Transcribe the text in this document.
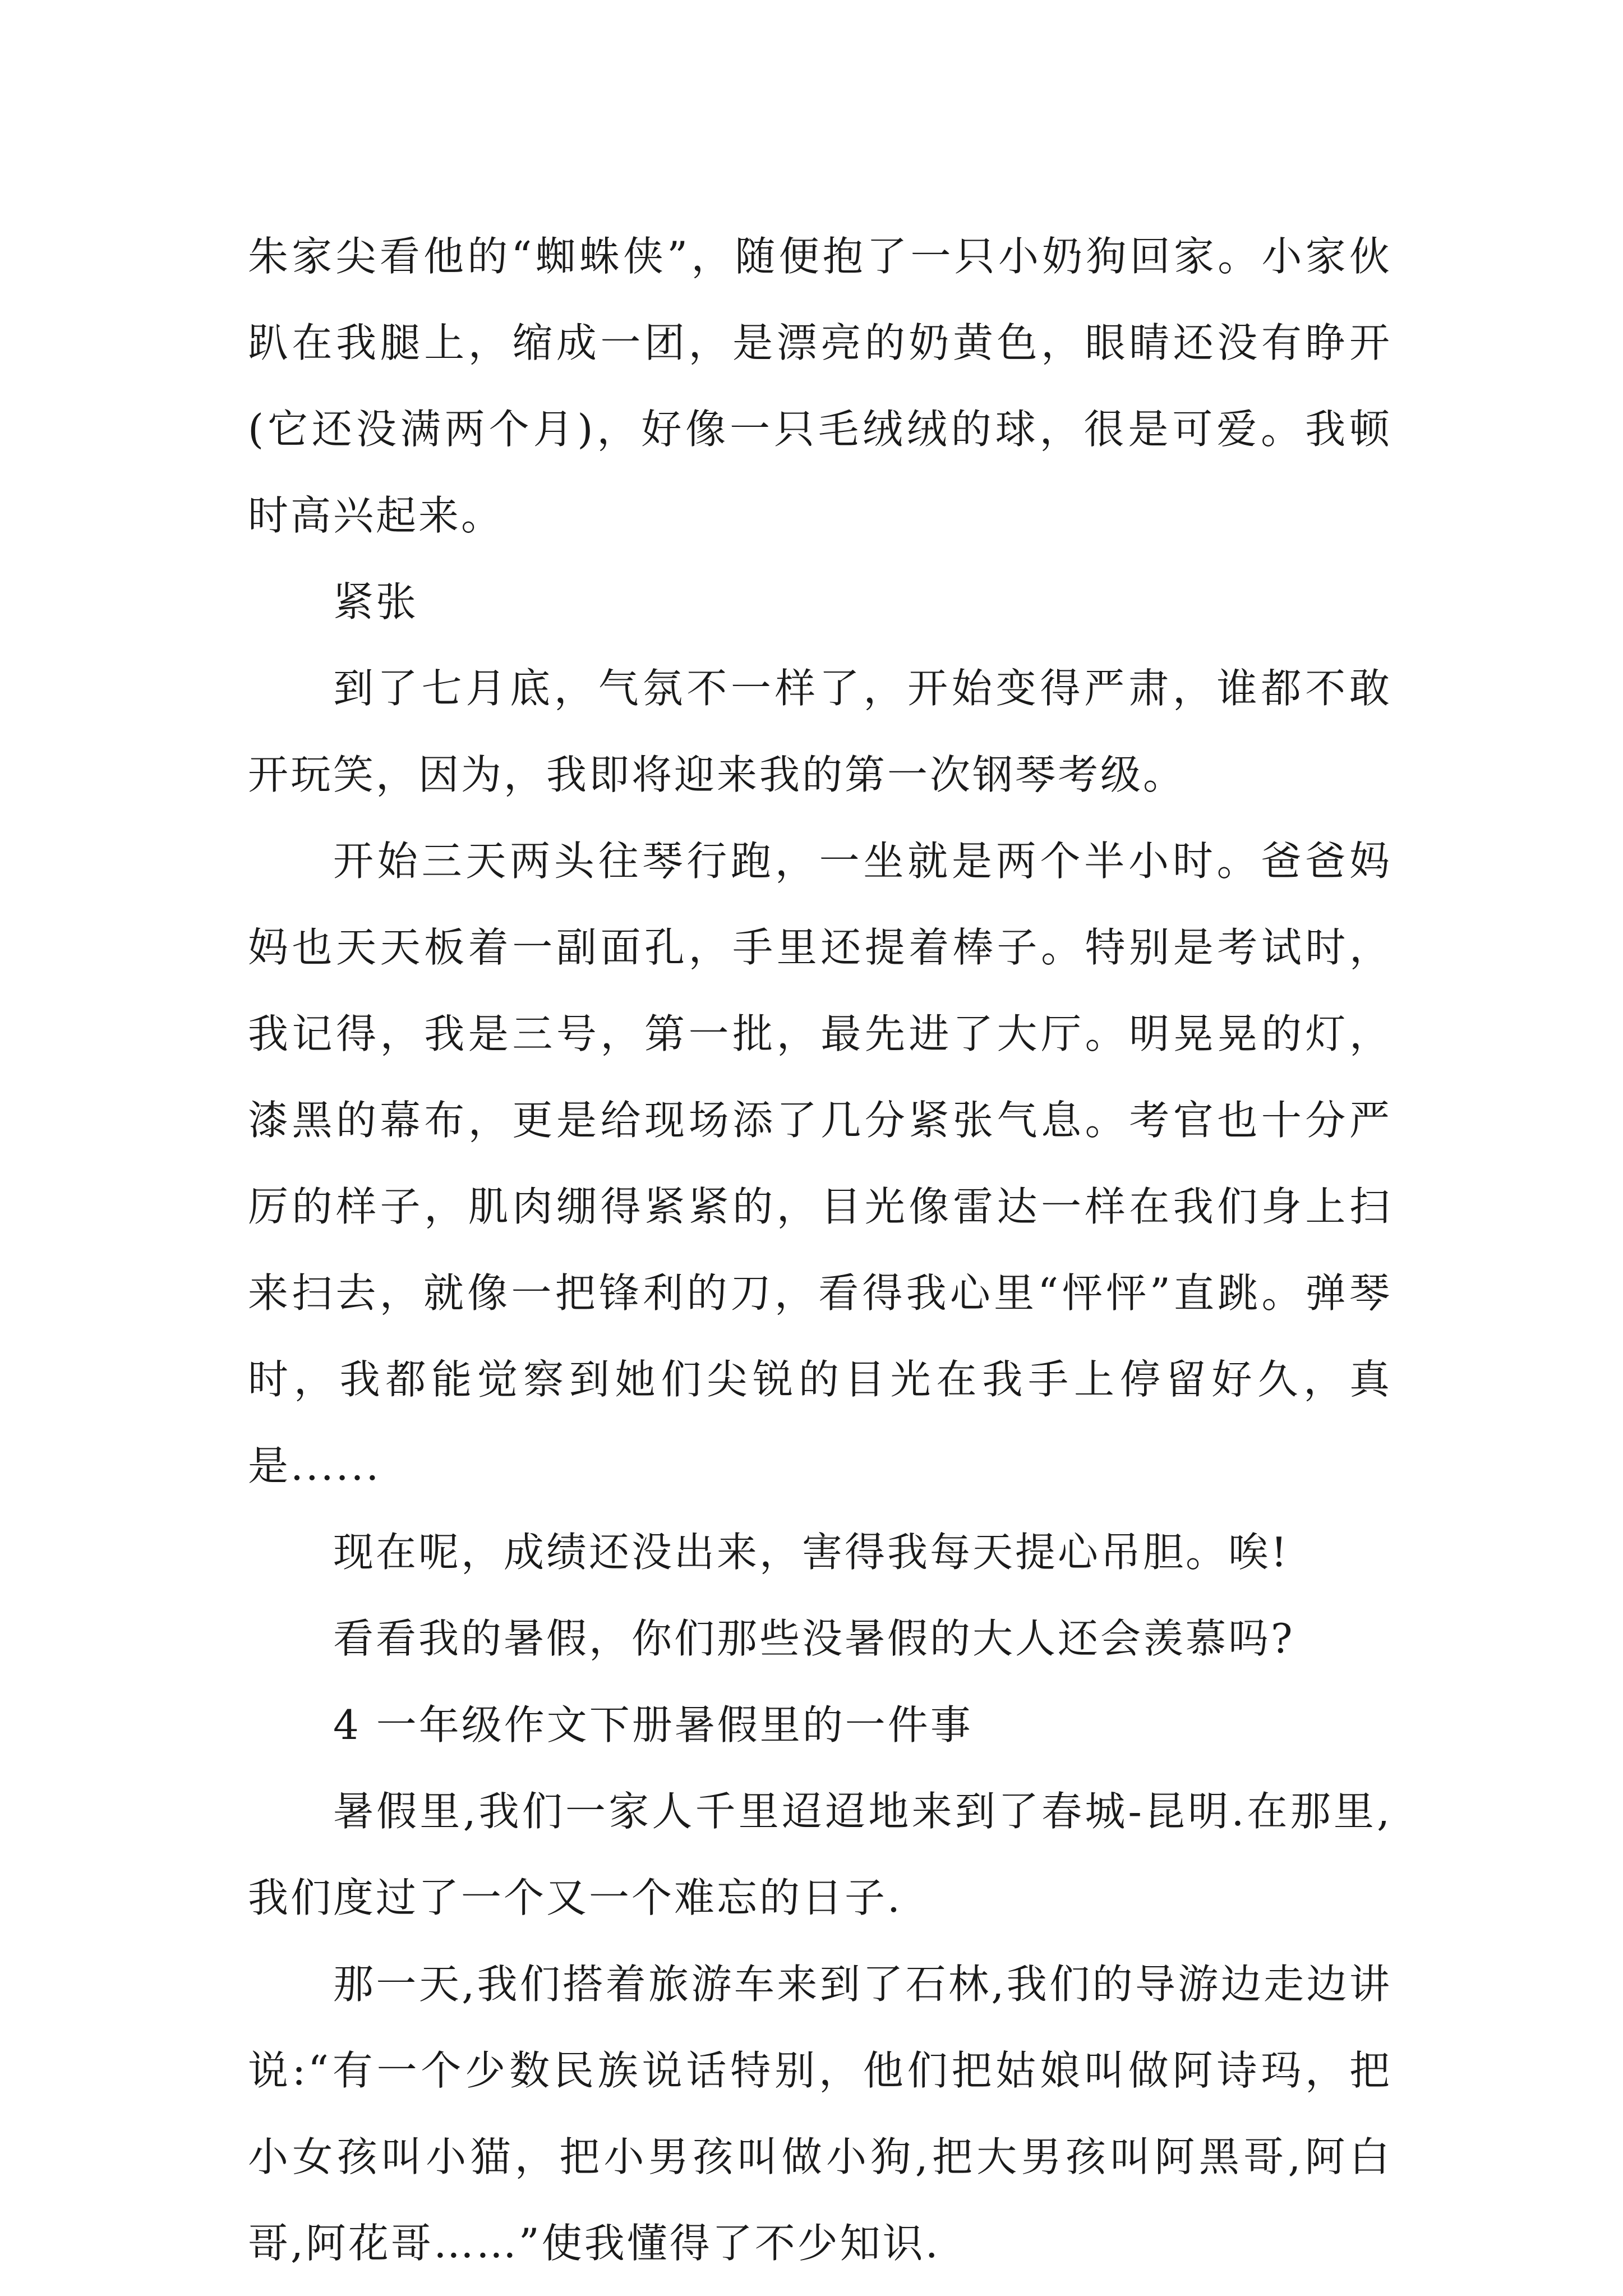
朱家尖看他的“蜘蛛侠”，随便抱了一只小奶狗回家。小家伙趴在我腿上，缩成一团，是漂亮的奶黄色，眼睛还没有睁开(它还没满两个月)，好像一只毛绒绒的球，很是可爱。我顿时高兴起来。

紧张

到了七月底，气氛不一样了，开始变得严肃，谁都不敢开玩笑，因为，我即将迎来我的第一次钢琴考级。

开始三天两头往琴行跑，一坐就是两个半小时。爸爸妈妈也天天板着一副面孔，手里还提着棒子。特别是考试时，我记得，我是三号，第一批，最先进了大厅。明晃晃的灯，漆黑的幕布，更是给现场添了几分紧张气息。考官也十分严厉的样子，肌肉绷得紧紧的，目光像雷达一样在我们身上扫来扫去，就像一把锋利的刀，看得我心里“怦怦”直跳。弹琴时，我都能觉察到她们尖锐的目光在我手上停留好久，真是......

现在呢，成绩还没出来，害得我每天提心吊胆。唉!

看看我的暑假，你们那些没暑假的大人还会羡慕吗?

4 一年级作文下册暑假里的一件事

暑假里,我们一家人千里迢迢地来到了春城-昆明.在那里,我们度过了一个又一个难忘的日子.

那一天,我们搭着旅游车来到了石林,我们的导游边走边讲说:“有一个少数民族说话特别，他们把姑娘叫做阿诗玛，把小女孩叫小猫，把小男孩叫做小狗,把大男孩叫阿黑哥,阿白哥,阿花哥……”使我懂得了不少知识.
